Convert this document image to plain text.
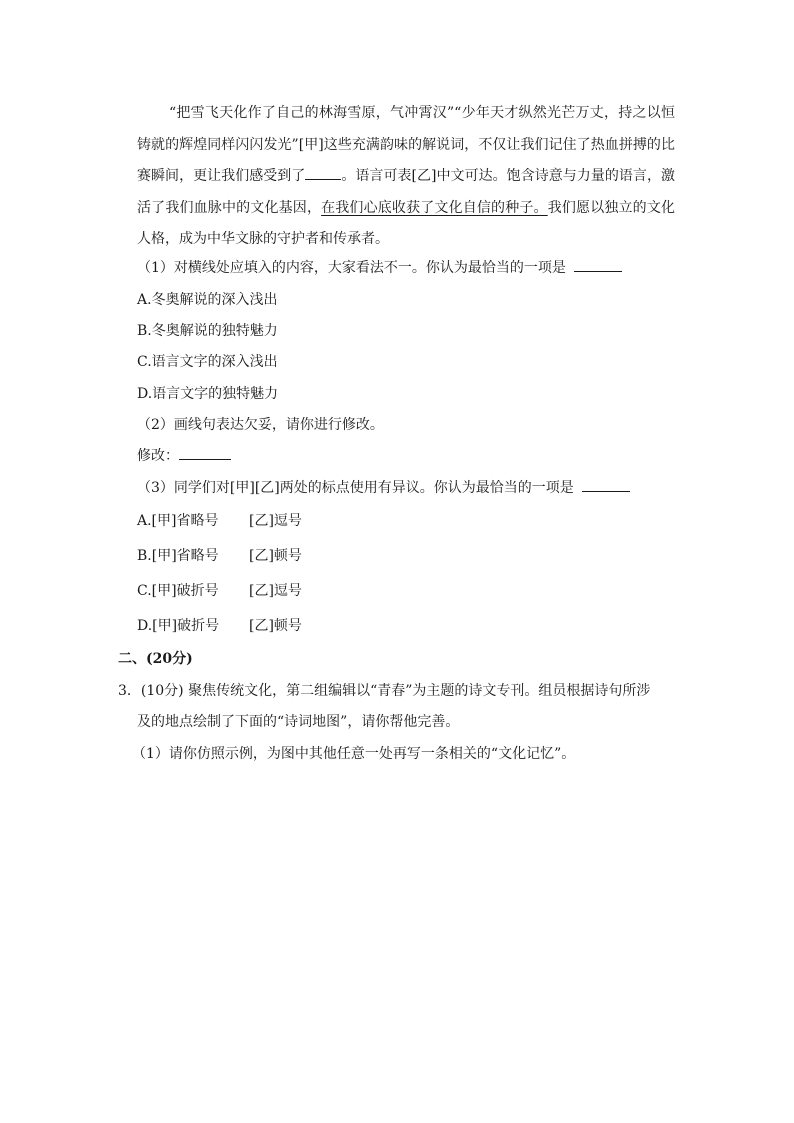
“把雪飞天化作了自己的林海雪原，气冲霄汉”“少年天才纵然光芒万丈，持之以恒铸就的辉煌同样闪闪发光”[甲]这些充满韵味的解说词，不仅让我们记住了热血拼搏的比赛瞬间，更让我们感受到了	。语言可表[乙]中文可达。饱含诗意与力量的语言，激活了我们血脉中的文化基因，在我们心底收获了文化自信的种子。我们愿以独立的文化人格，成为中华文脉的守护者和传承者。
（1）对横线处应填入的内容，大家看法不一。你认为最恰当的一项是
A.冬奥解说的深入浅出
B.冬奥解说的独特魅力
C.语言文字的深入浅出
D.语言文字的独特魅力
（2）画线句表达欠妥，请你进行修改。
修改：
（3）同学们对[甲][乙]两处的标点使用有异议。你认为最恰当的一项是
A.[甲]省略号 [乙]逗号
B.[甲]省略号 [乙]顿号
C.[甲]破折号 [乙]逗号
D.[甲]破折号 [乙]顿号
二、(20分)
3．(10分) 聚焦传统文化，第二组编辑以“青春”为主题的诗文专刊。组员根据诗句所涉
及的地点绘制了下面的“诗词地图”，请你帮他完善。
（1）请你仿照示例，为图中其他任意一处再写一条相关的“文化记忆”。
